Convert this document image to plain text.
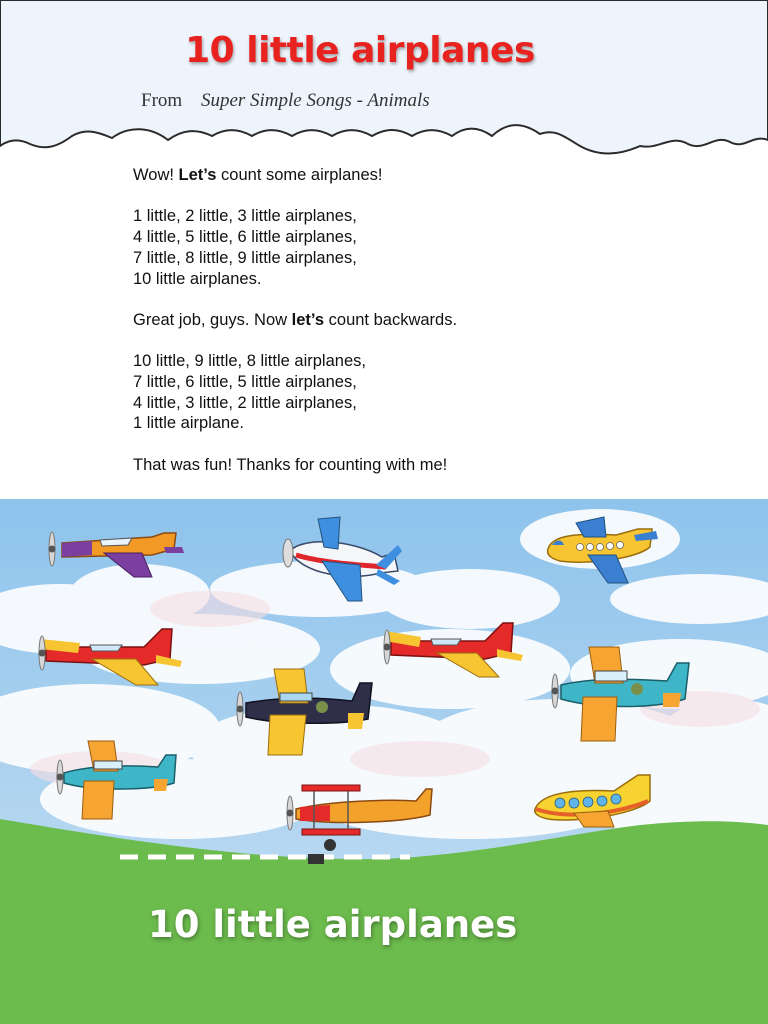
10 little airplanes
From Super Simple Songs - Animals

Wow! Let’s count some airplanes!

1 little, 2 little, 3 little airplanes,
4 little, 5 little, 6 little airplanes,
7 little, 8 little, 9 little airplanes,
10 little airplanes.

Great job, guys. Now let’s count backwards.

10 little, 9 little, 8 little airplanes,
7 little, 6 little, 5 little airplanes,
4 little, 3 little, 2 little airplanes,
1 little airplane.

That was fun! Thanks for counting with me!

10 little airplanes
